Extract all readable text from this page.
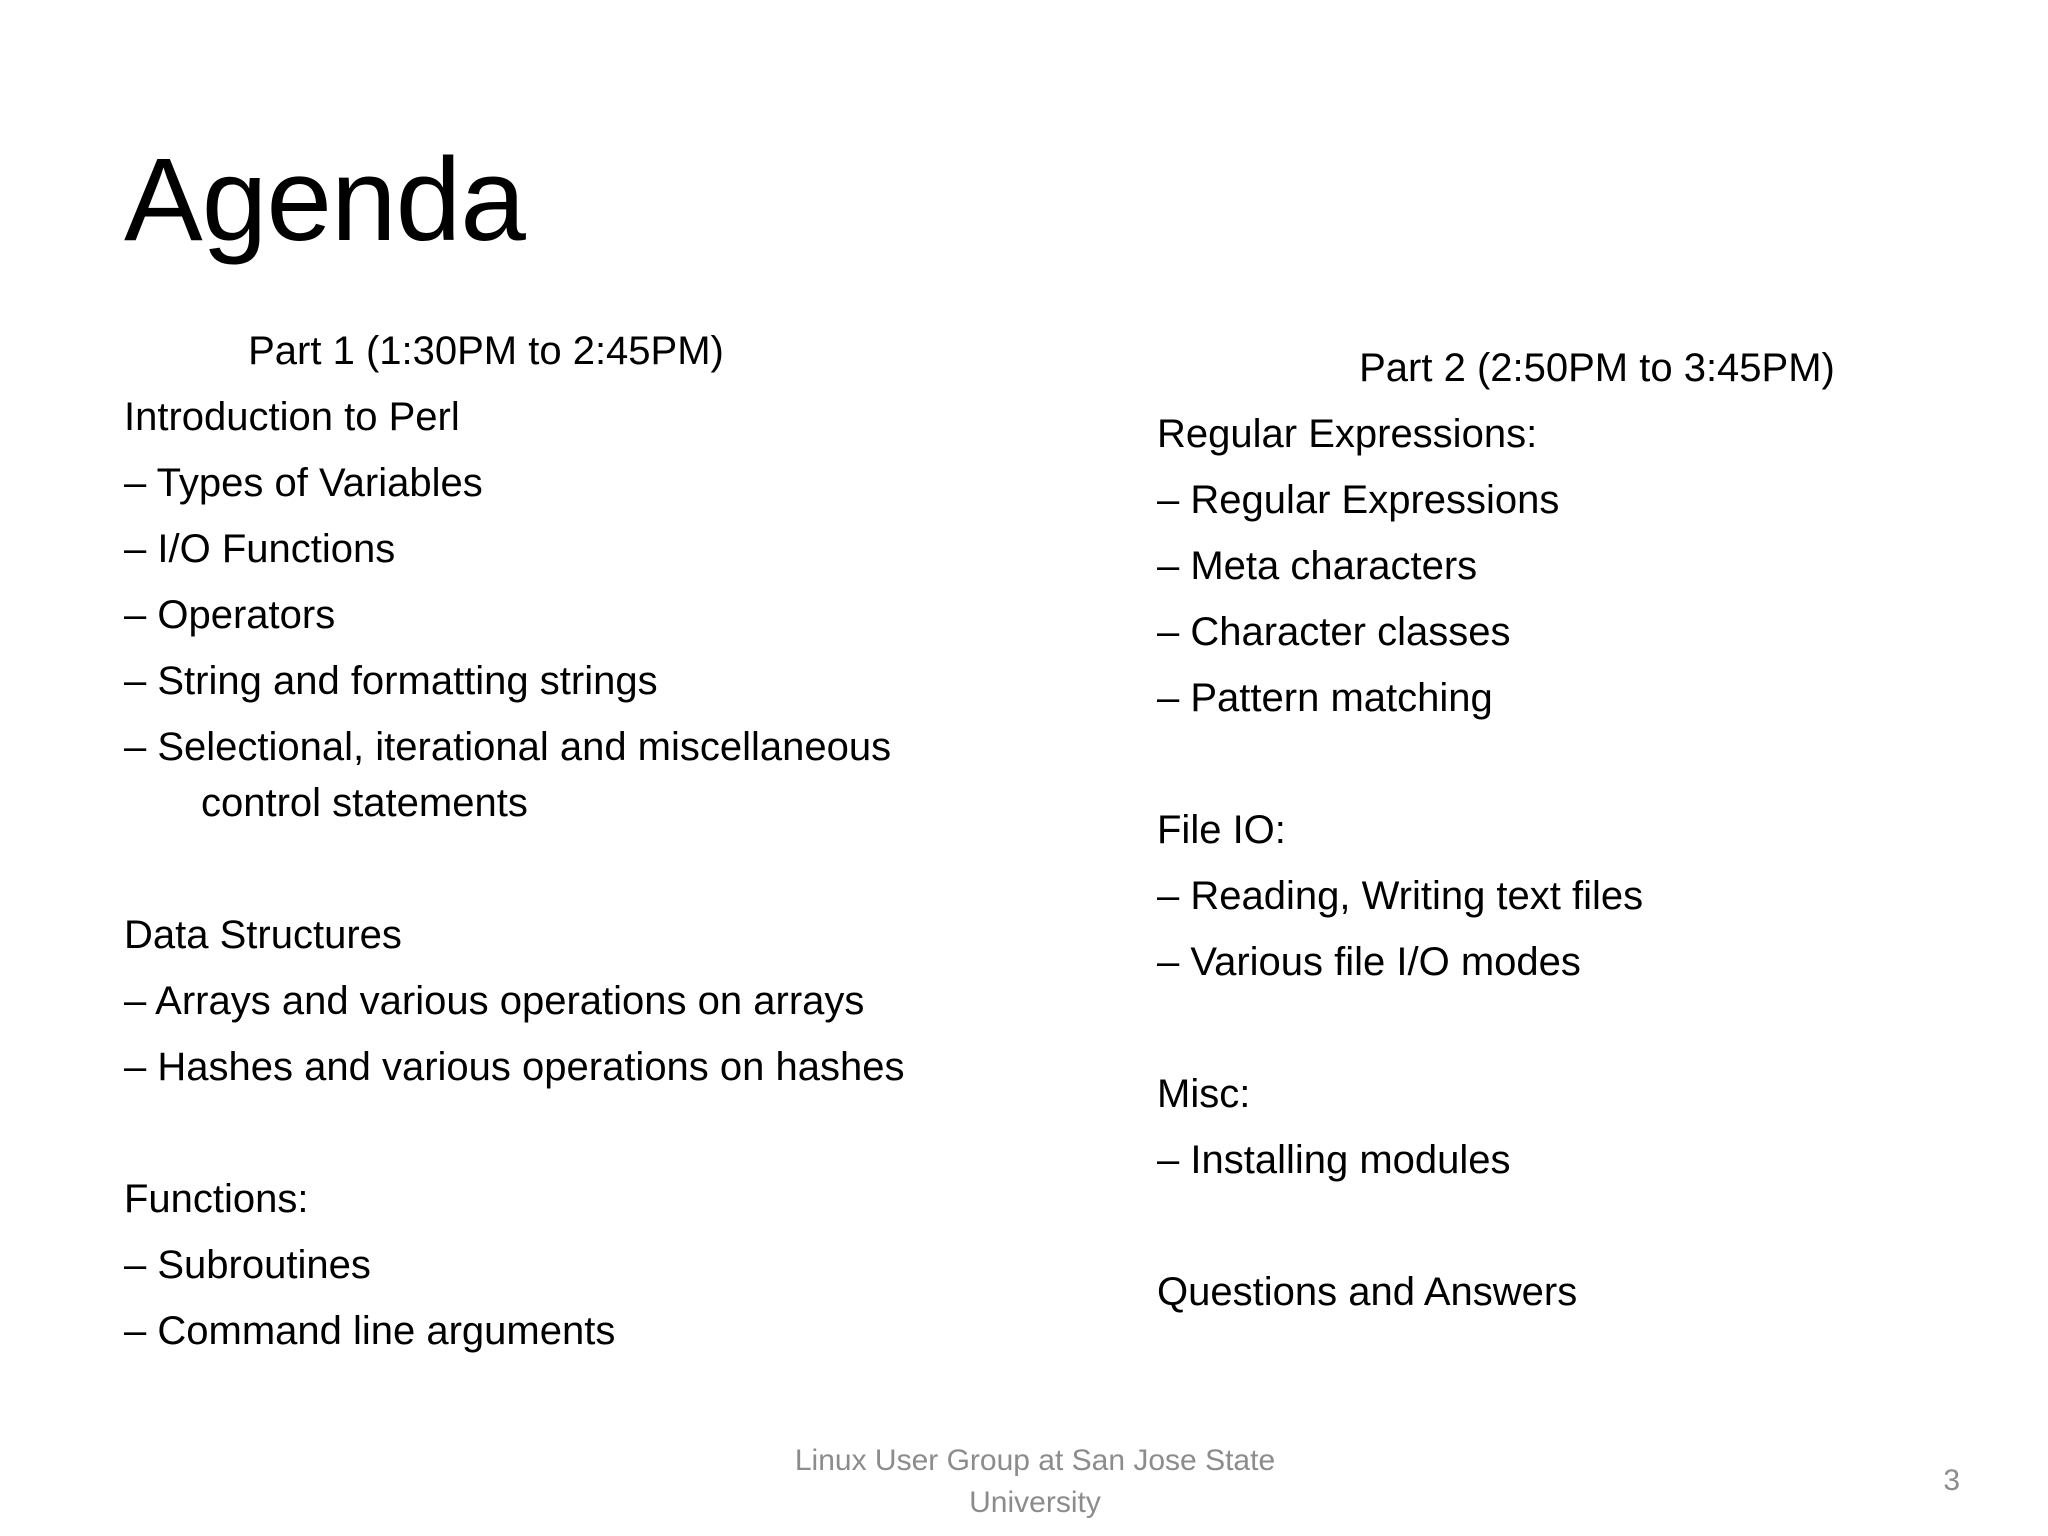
Agenda
Part 1 (1:30PM to 2:45PM)
Introduction to Perl
– Types of Variables
– I/O Functions
– Operators
– String and formatting strings
– Selectional, iterational and miscellaneous
control statements
Data Structures
– Arrays and various operations on arrays
– Hashes and various operations on hashes
Functions:
– Subroutines
– Command line arguments
Part 2 (2:50PM to 3:45PM)
Regular Expressions:
– Regular Expressions
– Meta characters
– Character classes
– Pattern matching
File IO:
– Reading, Writing text files
– Various file I/O modes
Misc:
– Installing modules
Questions and Answers
Linux User Group at San Jose State
University
3
